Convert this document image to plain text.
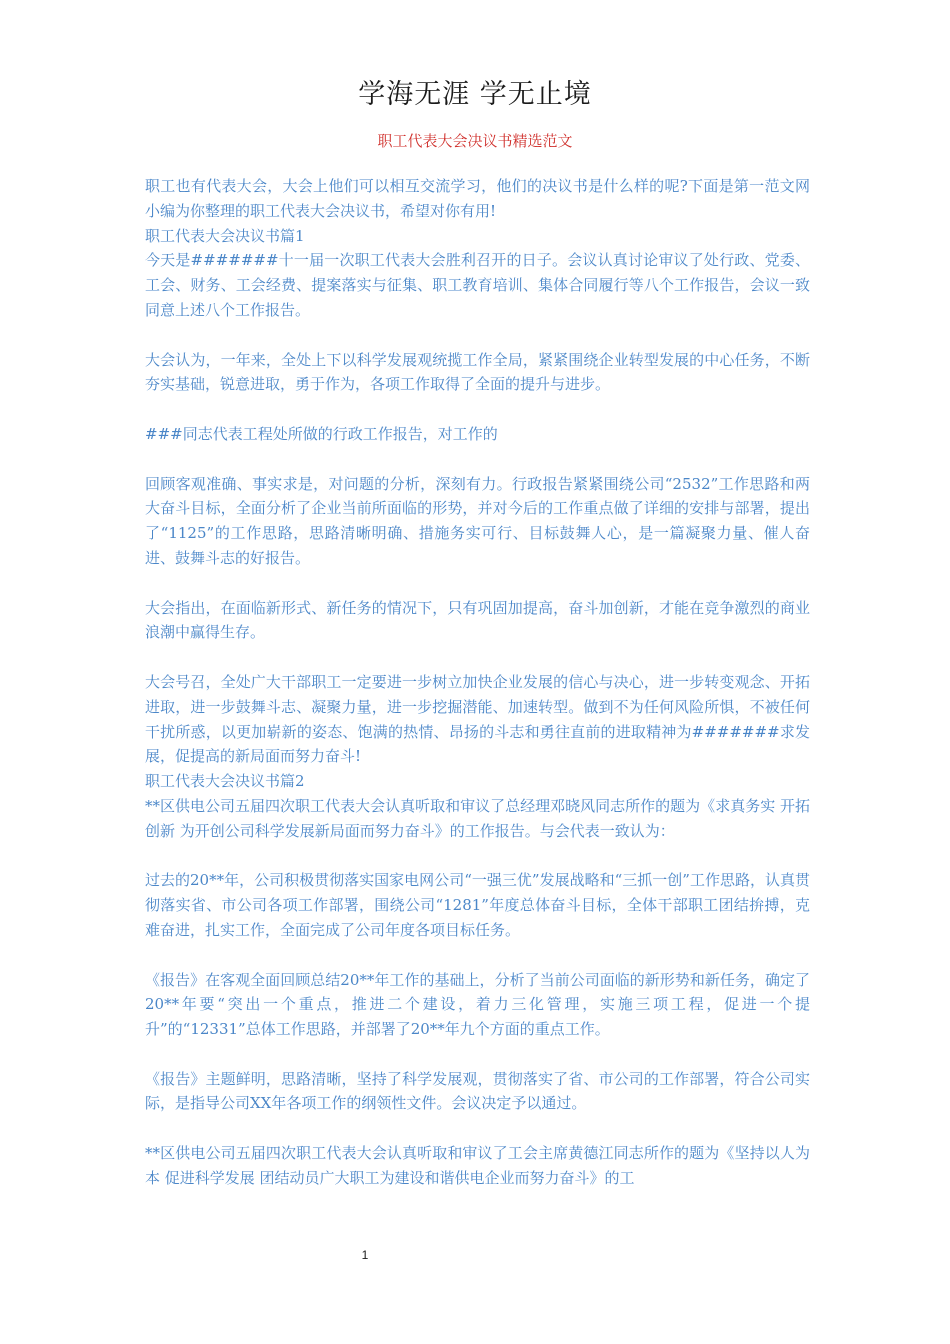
学海无涯 学无止境
职工代表大会决议书精选范文

职工也有代表大会，大会上他们可以相互交流学习，他们的决议书是什么样的呢?下面是第一范文网小编为你整理的职工代表大会决议书，希望对你有用!

职工代表大会决议书篇1

今天是#######十一届一次职工代表大会胜利召开的日子。会议认真讨论审议了处行政、党委、工会、财务、工会经费、提案落实与征集、职工教育培训、集体合同履行等八个工作报告，会议一致同意上述八个工作报告。

大会认为，一年来，全处上下以科学发展观统揽工作全局，紧紧围绕企业转型发展的中心任务，不断夯实基础，锐意进取，勇于作为，各项工作取得了全面的提升与进步。

###同志代表工程处所做的行政工作报告，对工作的

回顾客观准确、事实求是，对问题的分析，深刻有力。行政报告紧紧围绕公司“2532”工作思路和两大奋斗目标，全面分析了企业当前所面临的形势，并对今后的工作重点做了详细的安排与部署，提出了“1125”的工作思路，思路清晰明确、措施务实可行、目标鼓舞人心，是一篇凝聚力量、催人奋进、鼓舞斗志的好报告。

大会指出，在面临新形式、新任务的情况下，只有巩固加提高，奋斗加创新，才能在竞争激烈的商业浪潮中赢得生存。

大会号召，全处广大干部职工一定要进一步树立加快企业发展的信心与决心，进一步转变观念、开拓进取，进一步鼓舞斗志、凝聚力量，进一步挖掘潜能、加速转型。做到不为任何风险所惧，不被任何干扰所惑，以更加崭新的姿态、饱满的热情、昂扬的斗志和勇往直前的进取精神为#######求发展，促提高的新局面而努力奋斗!

职工代表大会决议书篇2

**区供电公司五届四次职工代表大会认真听取和审议了总经理邓晓风同志所作的题为《求真务实 开拓创新 为开创公司科学发展新局面而努力奋斗》的工作报告。与会代表一致认为：

过去的20**年，公司积极贯彻落实国家电网公司“一强三优”发展战略和“三抓一创”工作思路，认真贯彻落实省、市公司各项工作部署，围绕公司“1281”年度总体奋斗目标，全体干部职工团结拚搏，克难奋进，扎实工作，全面完成了公司年度各项目标任务。

《报告》在客观全面回顾总结20**年工作的基础上，分析了当前公司面临的新形势和新任务，确定了20**年要“突出一个重点，推进二个建设，着力三化管理，实施三项工程，促进一个提升”的“12331”总体工作思路，并部署了20**年九个方面的重点工作。

《报告》主题鲜明，思路清晰，坚持了科学发展观，贯彻落实了省、市公司的工作部署，符合公司实际，是指导公司XX年各项工作的纲领性文件。会议决定予以通过。

**区供电公司五届四次职工代表大会认真听取和审议了工会主席黄德江同志所作的题为《坚持以人为本 促进科学发展 团结动员广大职工为建设和谐供电企业而努力奋斗》的工

1
